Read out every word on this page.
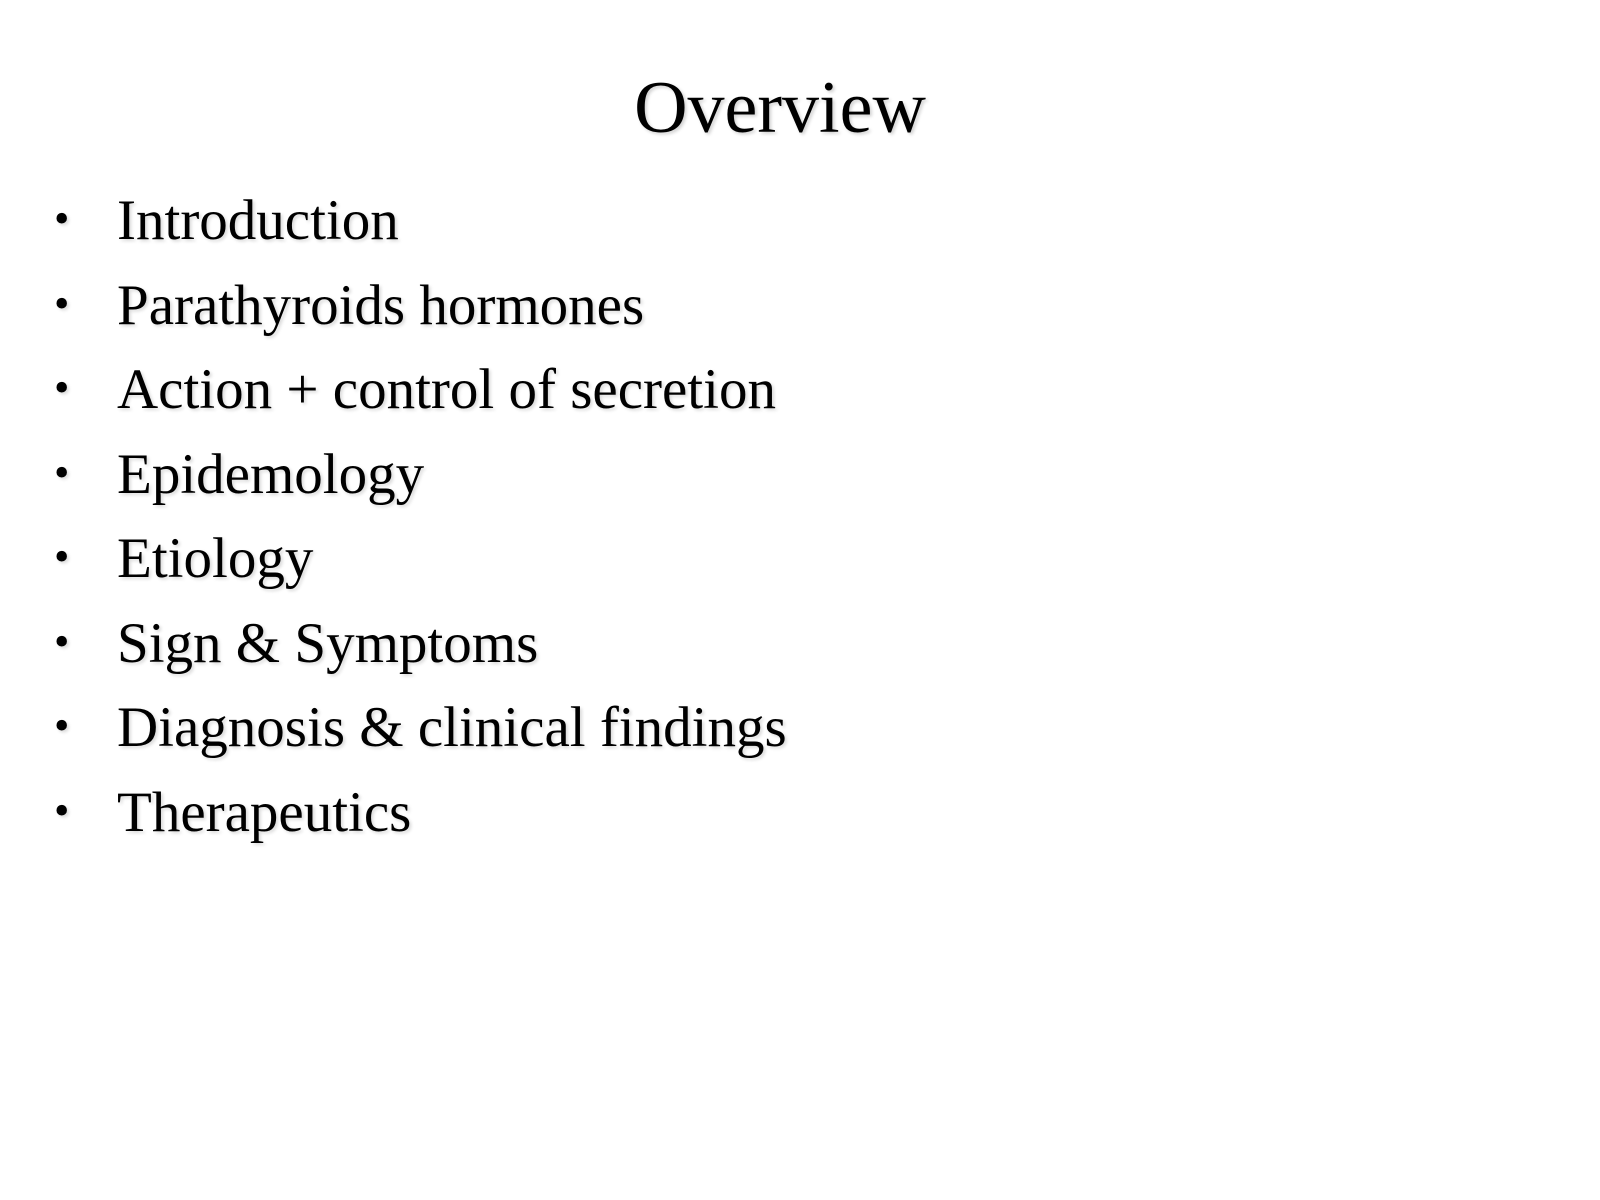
Overview
• Introduction
• Parathyroids hormones
• Action + control of secretion
• Epidemology
• Etiology
• Sign & Symptoms
• Diagnosis & clinical findings
• Therapeutics
